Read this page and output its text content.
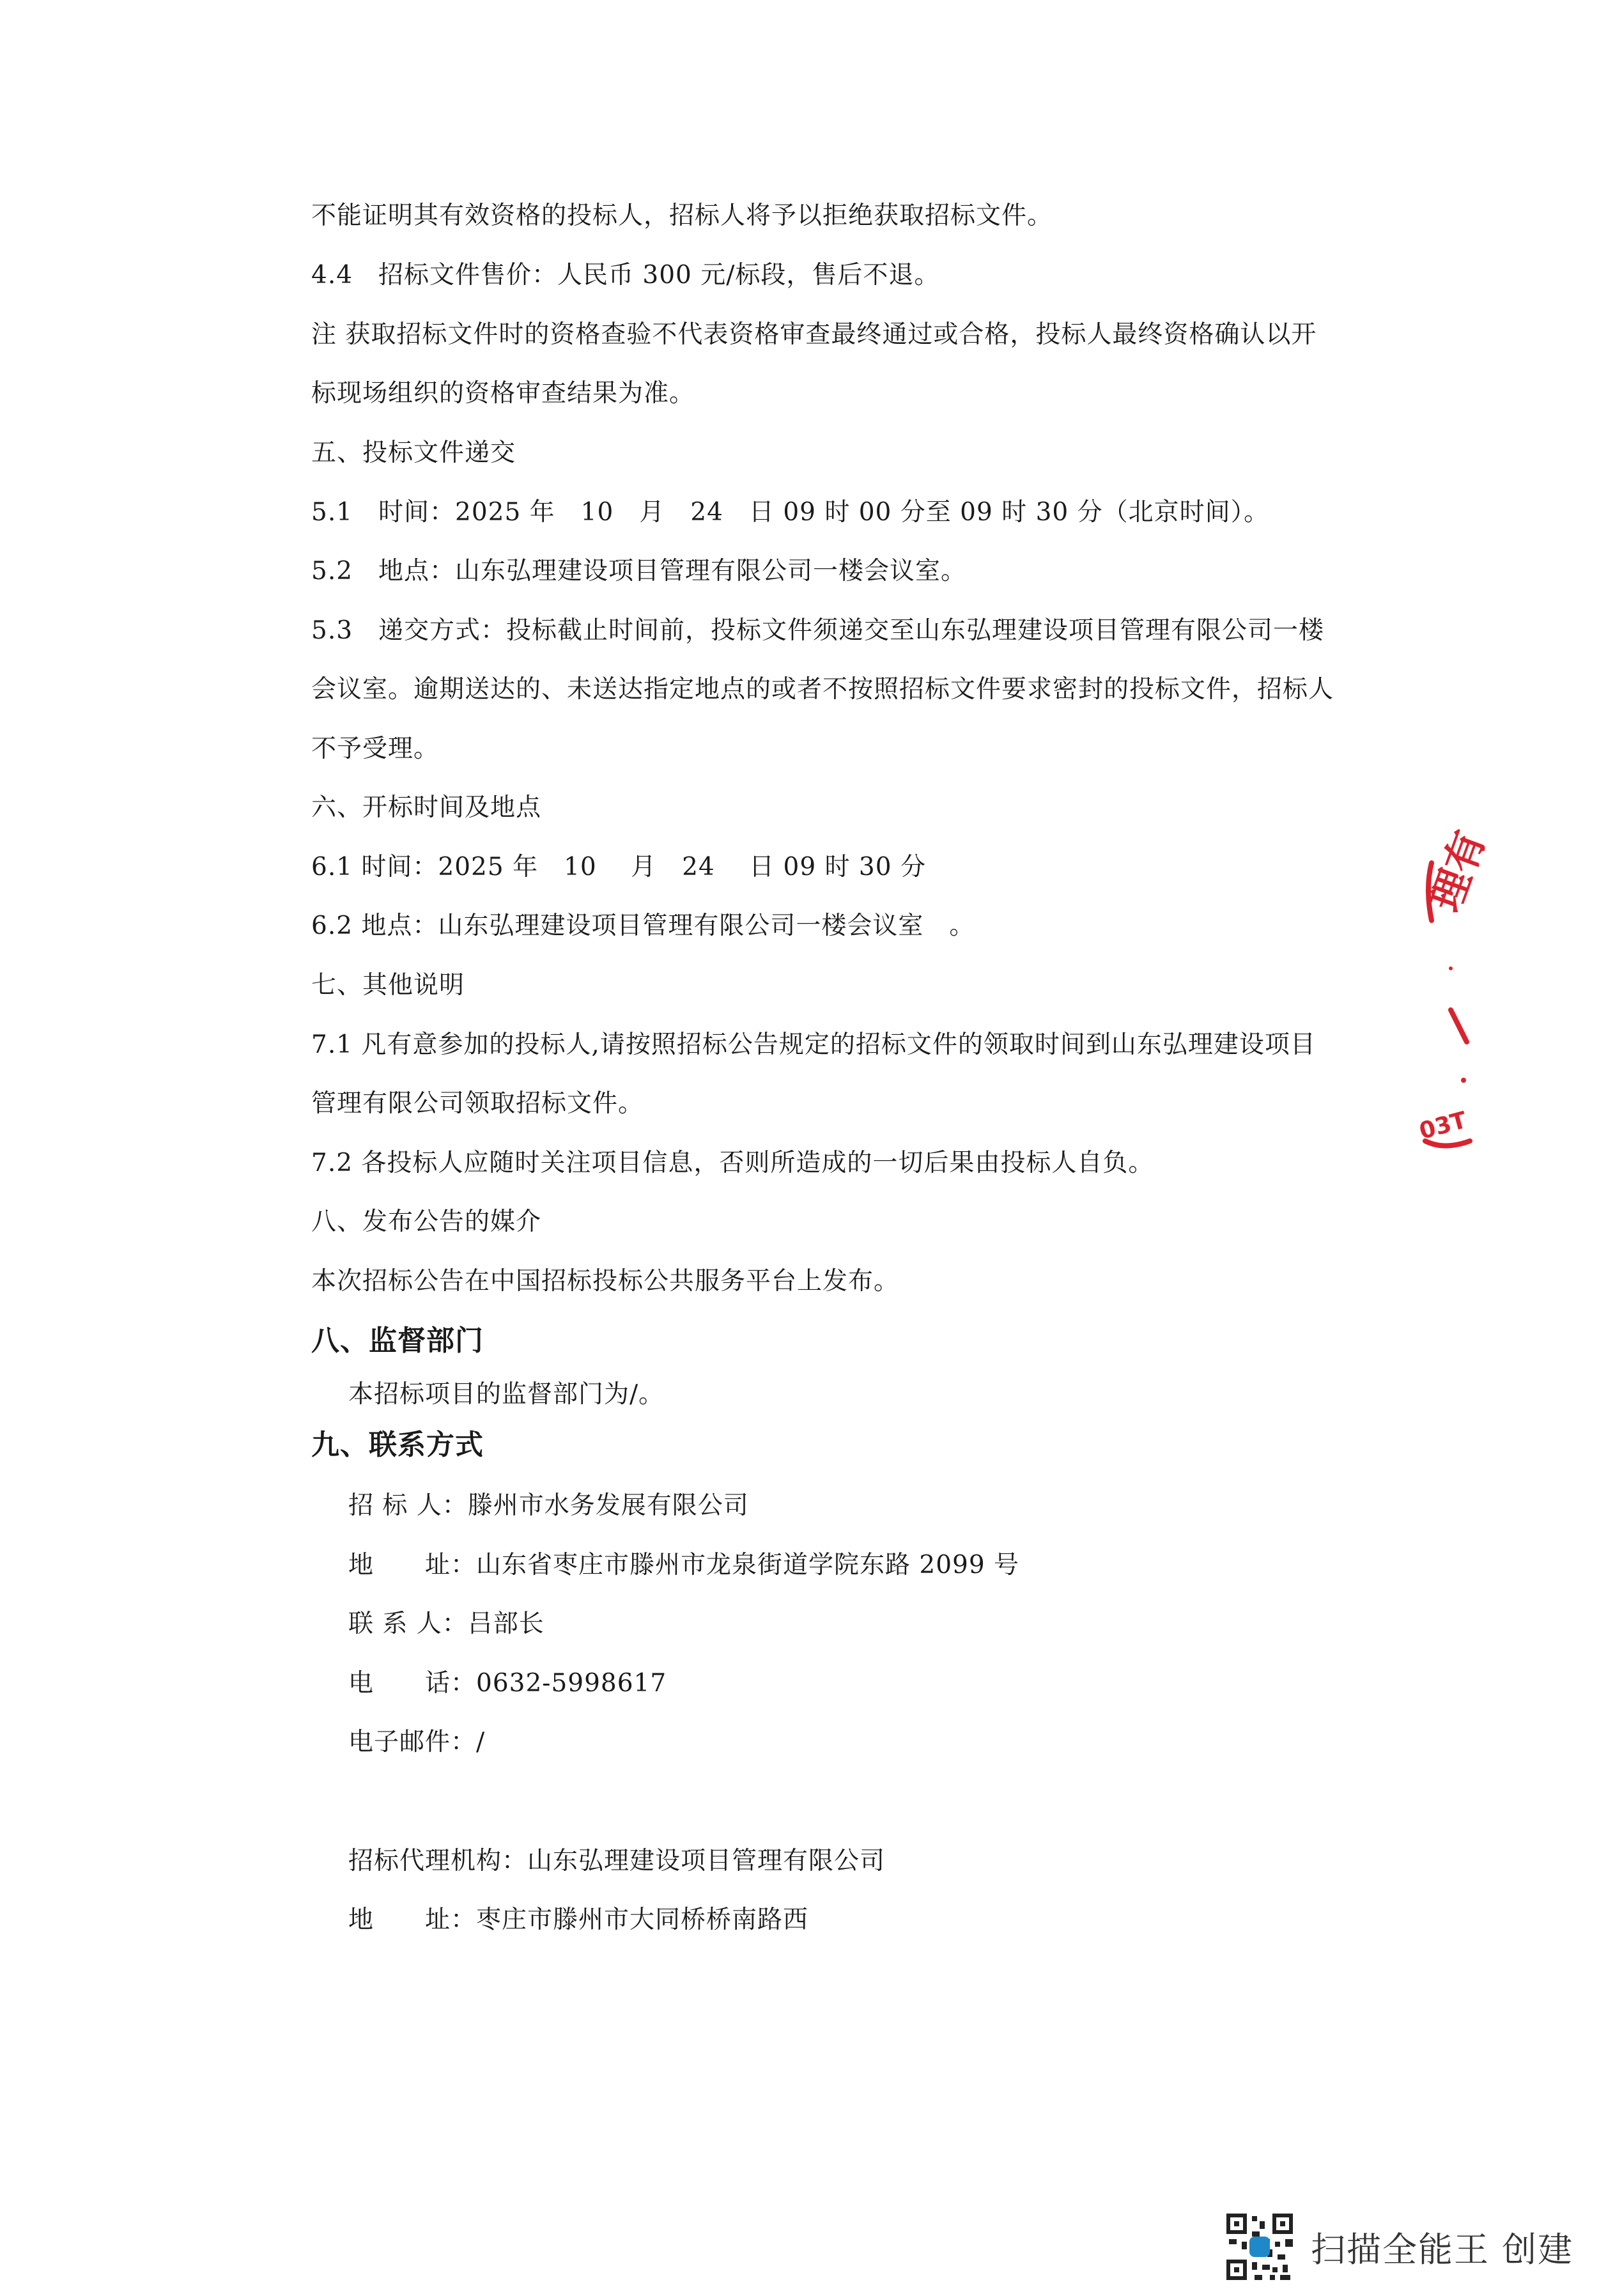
不能证明其有效资格的投标人，招标人将予以拒绝获取招标文件。
4.4　招标文件售价：人民币 300 元/标段，售后不退。
注 获取招标文件时的资格查验不代表资格审查最终通过或合格，投标人最终资格确认以开
标现场组织的资格审查结果为准。
五、投标文件递交
5.1　时间：2025 年　10　月　24　日 09 时 00 分至 09 时 30 分（北京时间）。
5.2　地点：山东弘理建设项目管理有限公司一楼会议室。
5.3　递交方式：投标截止时间前，投标文件须递交至山东弘理建设项目管理有限公司一楼
会议室。逾期送达的、未送达指定地点的或者不按照招标文件要求密封的投标文件，招标人
不予受理。
六、开标时间及地点
6.1 时间：2025 年　10　 月　24　 日 09 时 30 分
6.2 地点：山东弘理建设项目管理有限公司一楼会议室　。
七、其他说明
7.1 凡有意参加的投标人,请按照招标公告规定的招标文件的领取时间到山东弘理建设项目
管理有限公司领取招标文件。
7.2 各投标人应随时关注项目信息，否则所造成的一切后果由投标人自负。
八、发布公告的媒介
本次招标公告在中国招标投标公共服务平台上发布。
八、监督部门
本招标项目的监督部门为/。
九、联系方式
招 标 人：滕州市水务发展有限公司
地　　址：山东省枣庄市滕州市龙泉街道学院东路 2099 号
联 系 人：吕部长
电　　话：0632-5998617
电子邮件：/
招标代理机构：山东弘理建设项目管理有限公司
地　　址：枣庄市滕州市大同桥桥南路西
理有
03T
扫描全能王 创建
